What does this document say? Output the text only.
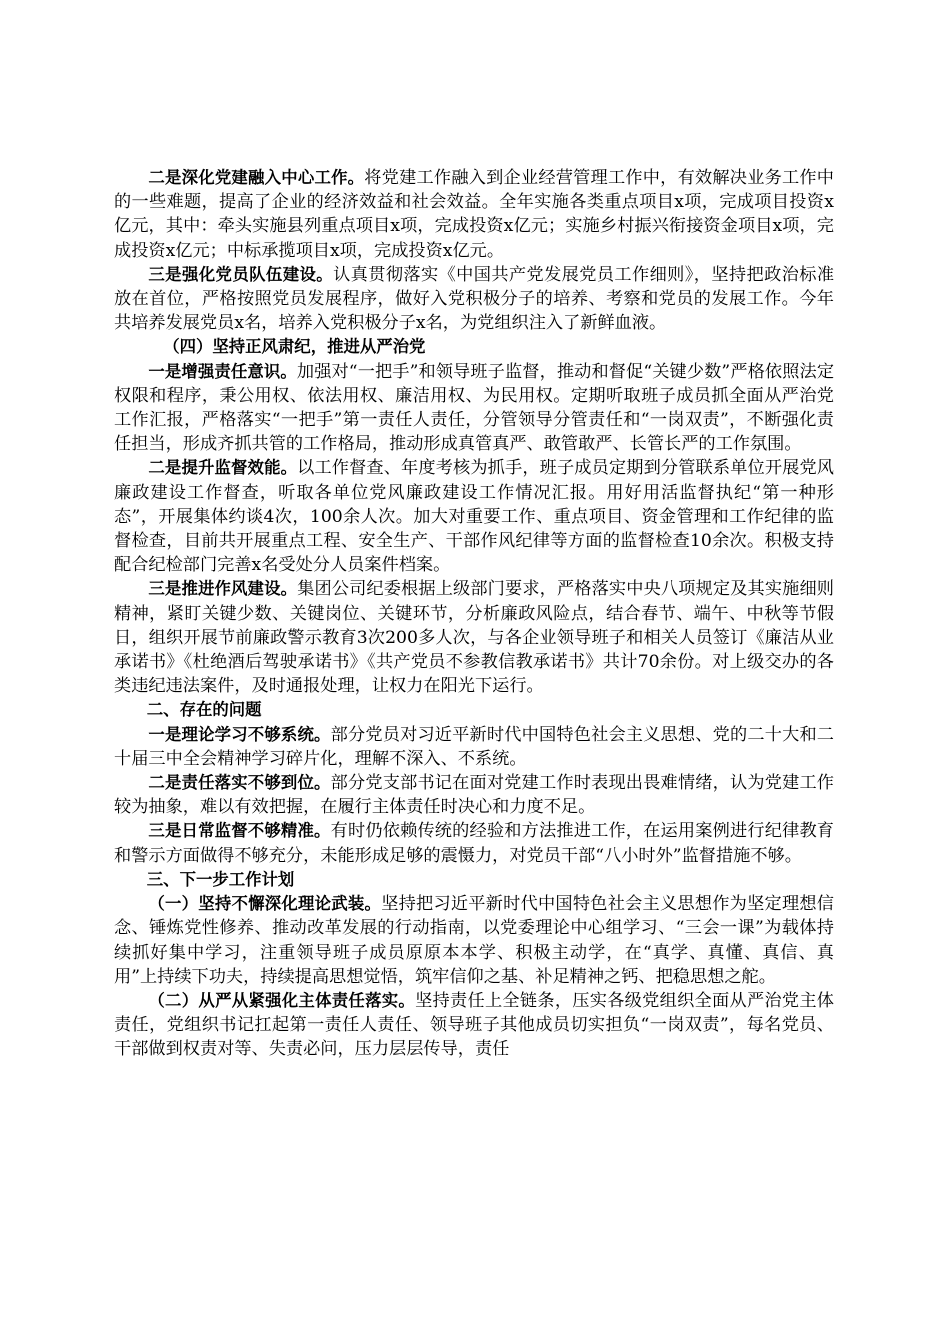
二是深化党建融入中心工作。将党建工作融入到企业经营管理工作中，有效解决业务工作中的一些难题，提高了企业的经济效益和社会效益。全年实施各类重点项目x项，完成项目投资x亿元，其中：牵头实施县列重点项目x项，完成投资x亿元；实施乡村振兴衔接资金项目x项，完成投资x亿元；中标承揽项目x项，完成投资x亿元。

三是强化党员队伍建设。认真贯彻落实《中国共产党发展党员工作细则》，坚持把政治标准放在首位，严格按照党员发展程序，做好入党积极分子的培养、考察和党员的发展工作。今年共培养发展党员x名，培养入党积极分子x名，为党组织注入了新鲜血液。

（四）坚持正风肃纪，推进从严治党

一是增强责任意识。加强对“一把手”和领导班子监督，推动和督促“关键少数”严格依照法定权限和程序，秉公用权、依法用权、廉洁用权、为民用权。定期听取班子成员抓全面从严治党工作汇报，严格落实“一把手”第一责任人责任，分管领导分管责任和“一岗双责”，不断强化责任担当，形成齐抓共管的工作格局，推动形成真管真严、敢管敢严、长管长严的工作氛围。

二是提升监督效能。以工作督查、年度考核为抓手，班子成员定期到分管联系单位开展党风廉政建设工作督查，听取各单位党风廉政建设工作情况汇报。用好用活监督执纪“第一种形态”，开展集体约谈4次，100余人次。加大对重要工作、重点项目、资金管理和工作纪律的监督检查，目前共开展重点工程、安全生产、干部作风纪律等方面的监督检查10余次。积极支持配合纪检部门完善x名受处分人员案件档案。

三是推进作风建设。集团公司纪委根据上级部门要求，严格落实中央八项规定及其实施细则精神，紧盯关键少数、关键岗位、关键环节，分析廉政风险点，结合春节、端午、中秋等节假日，组织开展节前廉政警示教育3次200多人次，与各企业领导班子和相关人员签订《廉洁从业承诺书》《杜绝酒后驾驶承诺书》《共产党员不参教信教承诺书》共计70余份。对上级交办的各类违纪违法案件，及时通报处理，让权力在阳光下运行。

二、存在的问题

一是理论学习不够系统。部分党员对习近平新时代中国特色社会主义思想、党的二十大和二十届三中全会精神学习碎片化，理解不深入、不系统。

二是责任落实不够到位。部分党支部书记在面对党建工作时表现出畏难情绪，认为党建工作较为抽象，难以有效把握，在履行主体责任时决心和力度不足。

三是日常监督不够精准。有时仍依赖传统的经验和方法推进工作，在运用案例进行纪律教育和警示方面做得不够充分，未能形成足够的震慑力，对党员干部“八小时外”监督措施不够。

三、下一步工作计划

（一）坚持不懈深化理论武装。坚持把习近平新时代中国特色社会主义思想作为坚定理想信念、锤炼党性修养、推动改革发展的行动指南，以党委理论中心组学习、“三会一课”为载体持续抓好集中学习，注重领导班子成员原原本本学、积极主动学，在“真学、真懂、真信、真用”上持续下功夫，持续提高思想觉悟，筑牢信仰之基、补足精神之钙、把稳思想之舵。

（二）从严从紧强化主体责任落实。坚持责任上全链条，压实各级党组织全面从严治党主体责任，党组织书记扛起第一责任人责任、领导班子其他成员切实担负“一岗双责”，每名党员、干部做到权责对等、失责必问，压力层层传导，责任
